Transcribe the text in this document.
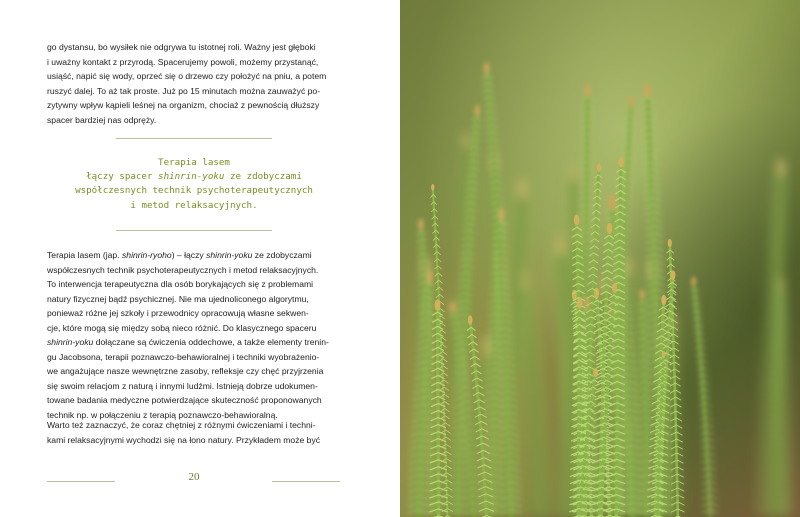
go dystansu, bo wysiłek nie odgrywa tu istotnej roli. Ważny jest głęboki
i uważny kontakt z przyrodą. Spacerujemy powoli, możemy przystanąć,
usiąść, napić się wody, oprzeć się o drzewo czy położyć na pniu, a potem
ruszyć dalej. To aż tak proste. Już po 15 minutach można zauważyć po-
zytywny wpływ kąpieli leśnej na organizm, chociaż z pewnością dłuższy
spacer bardziej nas odpręży.

Terapia lasem
łączy spacer shinrin-yoku ze zdobyczami
współczesnych technik psychoterapeutycznych
i metod relaksacyjnych.

Terapia lasem (jap. shinrin-ryoho) – łączy shinrin-yoku ze zdobyczami
współczesnych technik psychoterapeutycznych i metod relaksacyjnych.
To interwencja terapeutyczna dla osób borykających się z problemami
natury fizycznej bądź psychicznej. Nie ma ujednoliconego algorytmu,
ponieważ różne jej szkoły i przewodnicy opracowują własne sekwen-
cje, które mogą się między sobą nieco różnić. Do klasycznego spaceru
shinrin-yoku dołączane są ćwiczenia oddechowe, a także elementy trenin-
gu Jacobsona, terapii poznawczo-behawioralnej i techniki wyobrażenio-
we angażujące nasze wewnętrzne zasoby, refleksje czy chęć przyjrzenia
się swoim relacjom z naturą i innymi ludźmi. Istnieją dobrze udokumen-
towane badania medyczne potwierdzające skuteczność proponowanych
technik np. w połączeniu z terapią poznawczo-behawioralną.

Warto też zaznaczyć, że coraz chętniej z różnymi ćwiczeniami i techni-
kami relaksacyjnymi wychodzi się na łono natury. Przykładem może być

20
